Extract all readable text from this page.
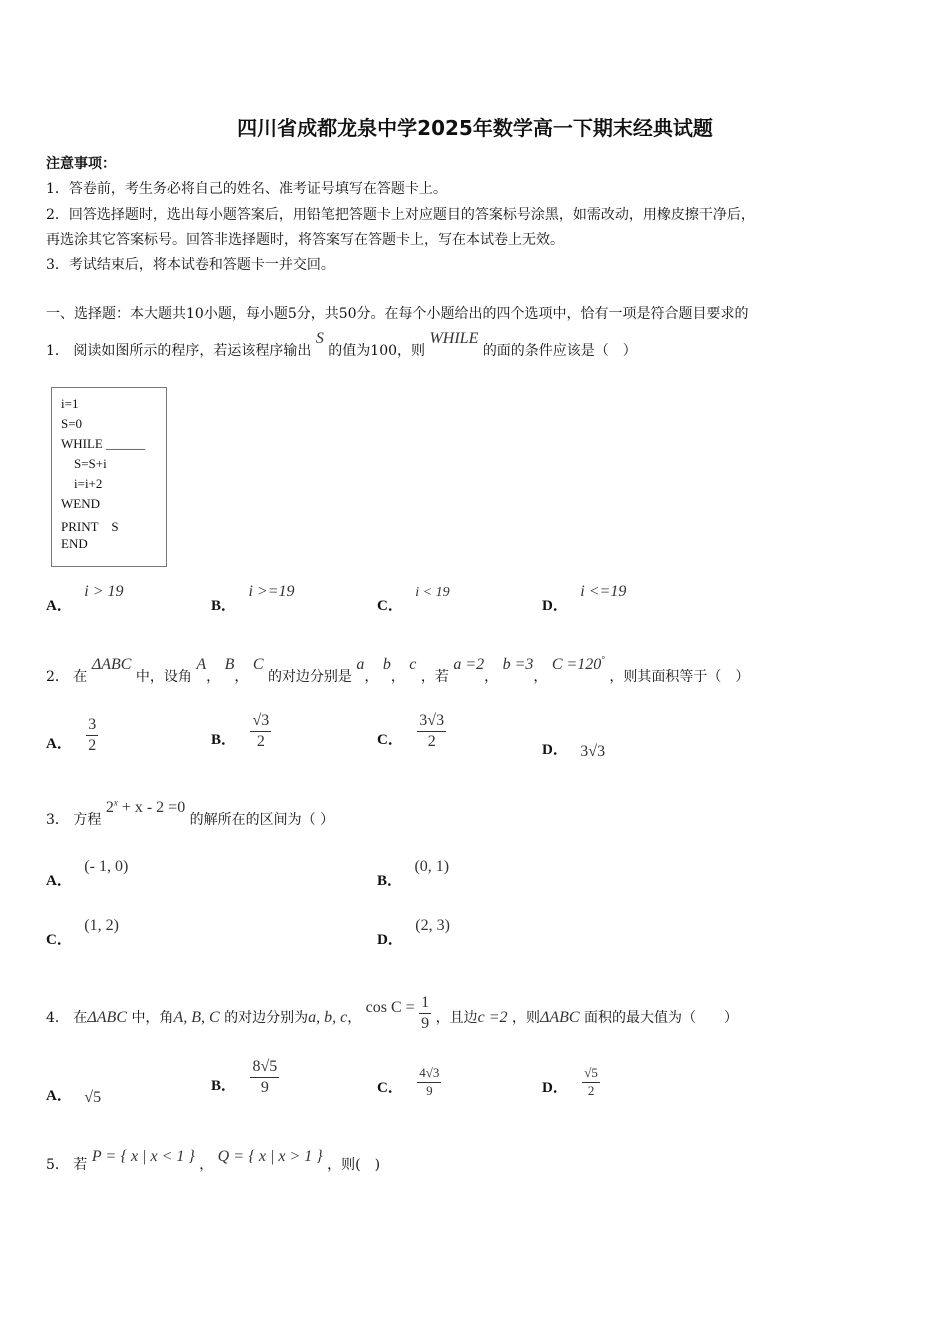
四川省成都龙泉中学2025年数学高一下期末经典试题
注意事项：
1．答卷前，考生务必将自己的姓名、准考证号填写在答题卡上。
2．回答选择题时，选出每小题答案后，用铅笔把答题卡上对应题目的答案标号涂黑，如需改动，用橡皮擦干净后，
再选涂其它答案标号。回答非选择题时，将答案写在答题卡上，写在本试卷上无效。
3．考试结束后，将本试卷和答题卡一并交回。
一、选择题：本大题共10小题，每小题5分，共50分。在每个小题给出的四个选项中，恰有一项是符合题目要求的
1． 阅读如图所示的程序，若运该程序输出 S 的值为100，则 WHILE 的面的条件应该是（　）
i=1
S=0
WHILE ______
S=S+i
i=i+2
WEND
PRINT　S
END
A． i > 19
B． i >=19
C． i < 19
D． i <=19
2． 在 ΔABC 中，设角 A， B， C 的对边分别是 a， b， c ，若 a =2， b =3， C =120° ，则其面积等于（　）
A． $\frac{3}{2}$	B． $\frac{√3}{2}$	C． $\frac{3√3}{2}$	D． 3√3
3． 方程 $2^x + x - 2 =0$ 的解所在的区间为（ ）
A． (- 1, 0)
B． (0, 1)
C． (1, 2)
D． (2, 3)
4． 在ΔABC 中，角A, B, C 的对边分别为a, b, c， $\cos C = \frac{1}{9}$ ，且边c =2 ，则ΔABC 面积的最大值为（　　）
A． √5
B． $\frac{8√5}{9}$	C． $\frac{4√3}{9}$	D． $\frac{√5}{2}$
5． 若 P = { x | x < 1 } ， Q = { x | x > 1 } ，则(　)
